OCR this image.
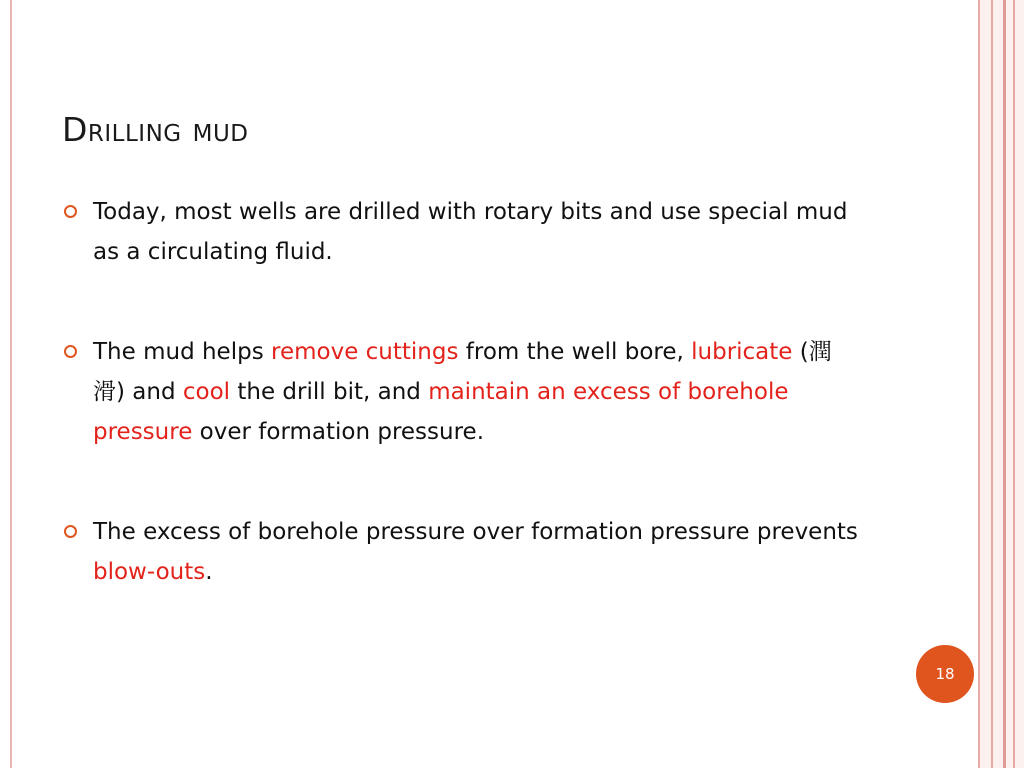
Drilling mud
Today, most wells are drilled with rotary bits and use special mud as a circulating fluid.
The mud helps remove cuttings from the well bore, lubricate (潤滑) and cool the drill bit, and maintain an excess of borehole pressure over formation pressure.
The excess of borehole pressure over formation pressure prevents blow-outs.
18
